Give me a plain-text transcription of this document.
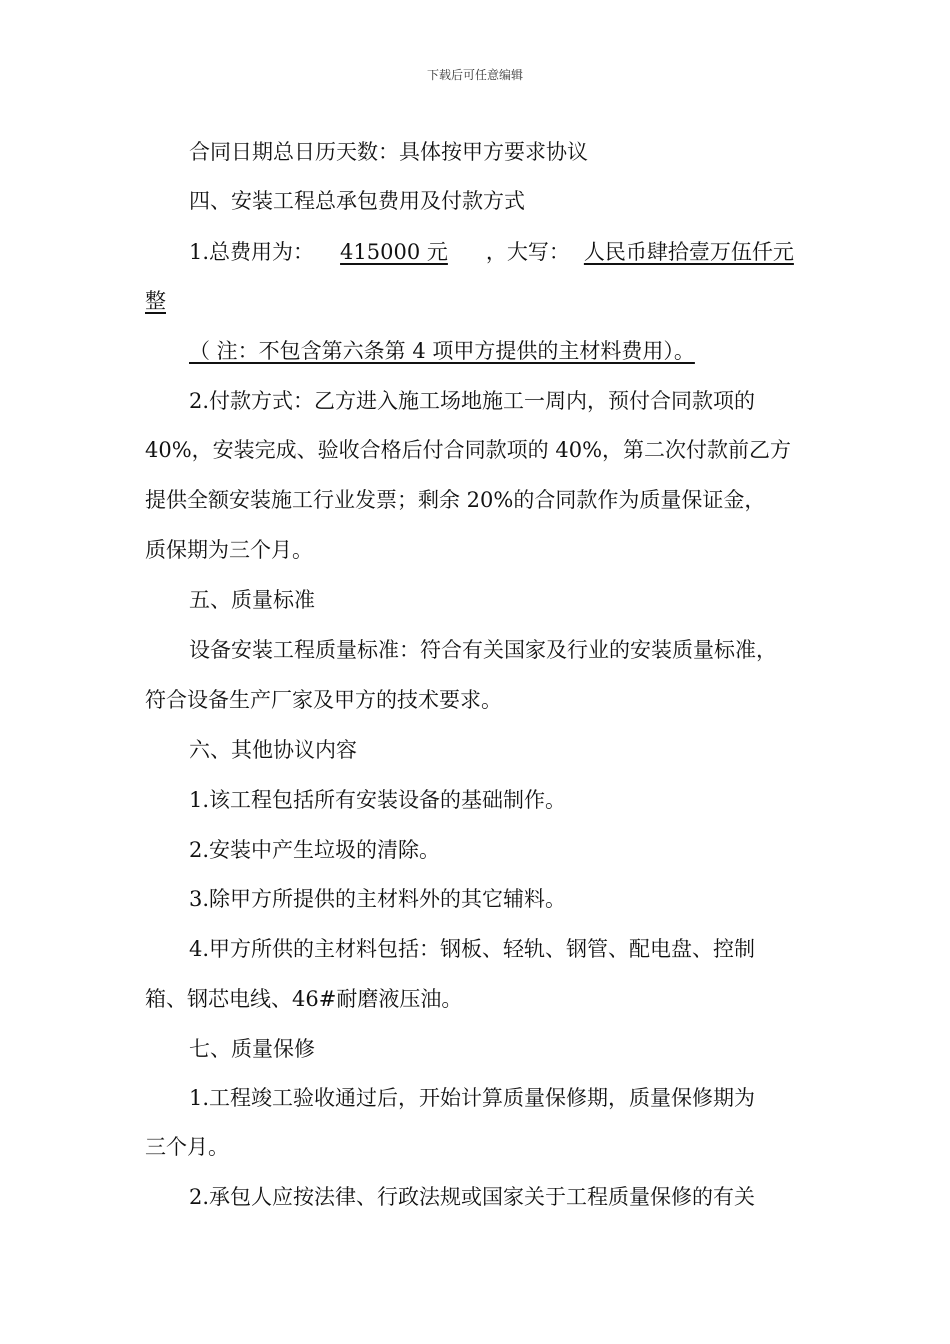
下载后可任意编辑
合同日期总日历天数：具体按甲方要求协议
四、安装工程总承包费用及付款方式
1.总费用为： 415000 元 ，大写： 人民币肆拾壹万伍仟元
整
（ 注：不包含第六条第 4 项甲方提供的主材料费用）。
2.付款方式：乙方进入施工场地施工一周内，预付合同款项的
40%，安装完成、验收合格后付合同款项的 40%，第二次付款前乙方
提供全额安装施工行业发票；剩余 20%的合同款作为质量保证金，
质保期为三个月。
五、质量标准
设备安装工程质量标准：符合有关国家及行业的安装质量标准，
符合设备生产厂家及甲方的技术要求。
六、其他协议内容
1.该工程包括所有安装设备的基础制作。
2.安装中产生垃圾的清除。
3.除甲方所提供的主材料外的其它辅料。
4.甲方所供的主材料包括：钢板、轻轨、钢管、配电盘、控制
箱、钢芯电线、46#耐磨液压油。
七、质量保修
1.工程竣工验收通过后，开始计算质量保修期，质量保修期为
三个月。
2.承包人应按法律、行政法规或国家关于工程质量保修的有关
